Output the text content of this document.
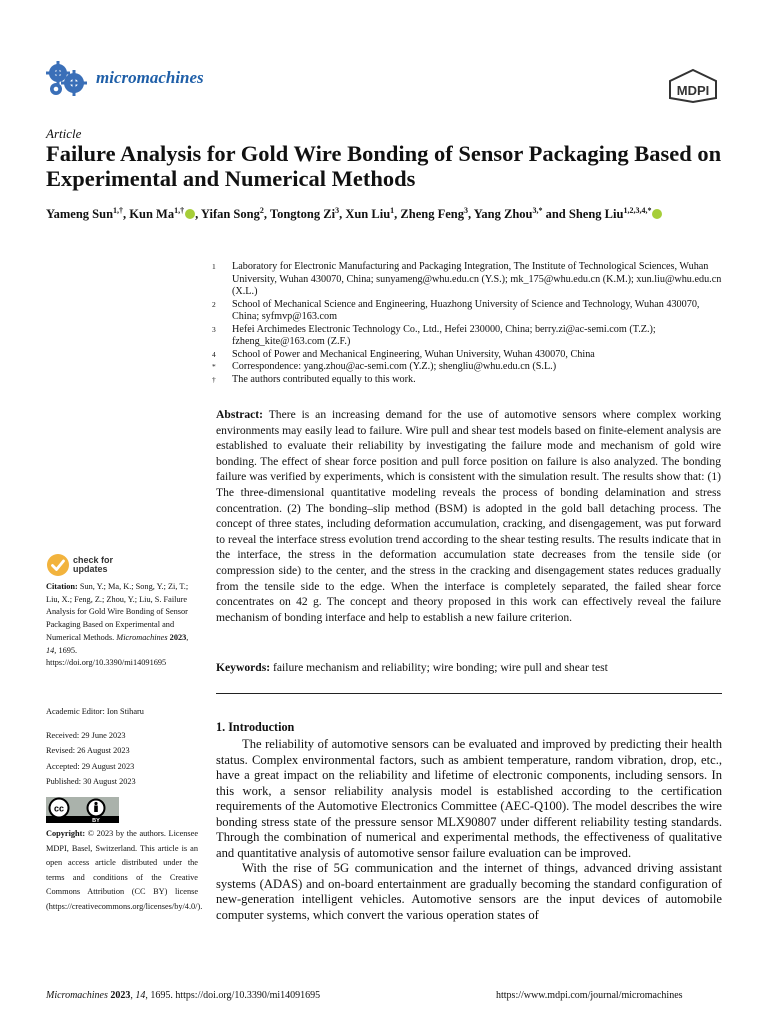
micromachines
MDPI
Article
Failure Analysis for Gold Wire Bonding of Sensor Packaging Based on Experimental and Numerical Methods
Yameng Sun$^{1,\dagger}$, Kun $Ma^{1,\dagger}$ , Yifan Song$^2$, Tongtong Zi$^3$, Xun Liu$^1$, Zheng Feng$^3$, Yang Zhou$^{3,*}$ and Sheng Liu$^{1,2,3,4,*}$
1	Laboratory for Electronic Manufacturing and Packaging Integration, The Institute of Technological Sciences, Wuhan University, Wuhan 430070, China; sunyameng@whu.edu.cn (Y.S.); mk_175@whu.edu.cn (K.M.); xun.liu@whu.edu.cn (X.L.)
2	School of Mechanical Science and Engineering, Huazhong University of Science and Technology, Wuhan 430070, China; syfmvp@163.com
3	Hefei Archimedes Electronic Technology Co., Ltd., Hefei 230000, China; berry.zi@ac-semi.com (T.Z.); fzheng_kite@163.com (Z.F.)
4	School of Power and Mechanical Engineering, Wuhan University, Wuhan 430070, China
*	Correspondence: yang.zhou@ac-semi.com (Y.Z.); shengliu@whu.edu.cn (S.L.)
†	The authors contributed equally to this work.
Abstract: There is an increasing demand for the use of automotive sensors where complex working environments may easily lead to failure. Wire pull and shear test models based on finite-element analysis are established to evaluate their reliability by investigating the failure mode and mechanism of gold wire bonding. The effect of shear force position and pull force position on failure is also analyzed. The bonding failure was verified by experiments, which is consistent with the simulation result. The results show that: (1) The three-dimensional quantitative modeling reveals the process of bonding delamination and stress concentration. (2) The bonding–slip method (BSM) is adopted in the gold ball detaching process. The concept of three states, including deformation accumulation, cracking, and disengagement, was put forward to reveal the interface stress evolution trend according to the shear testing results. The results indicate that in the interface, the stress in the deformation accumulation state decreases from the tensile side (or compression side) to the center, and the stress in the cracking and disengagement states reduces gradually from the tensile side to the edge. When the interface is completely separated, the failed shear force concentrates on 42 g. The concept and theory proposed in this work can effectively reveal the failure mechanism of bonding interface and help to establish a new failure criterion.
Keywords: failure mechanism and reliability; wire bonding; wire pull and shear test
check for
updates
Citation: Sun, Y.; Ma, K.; Song, Y.; Zi, T.; Liu, X.; Feng, Z.; Zhou, Y.; Liu, S. Failure Analysis for Gold Wire Bonding of Sensor Packaging Based on Experimental and Numerical Methods. Micromachines 2023, 14, 1695. https://doi.org/10.3390/mi14091695
Academic Editor: Ion Stiharu
Received: 29 June 2023
Revised: 26 August 2023
Accepted: 29 August 2023
Published: 30 August 2023
cc
BY
Copyright: © 2023 by the authors. Licensee MDPI, Basel, Switzerland. This article is an open access article distributed under the terms and conditions of the Creative Commons Attribution (CC BY) license (https://creativecommons.org/licenses/by/4.0/).
1. Introduction

The reliability of automotive sensors can be evaluated and improved by predicting their health status. Complex environmental factors, such as ambient temperature, random vibration, drop, etc., have a great impact on the reliability and lifetime of electronic components, including sensors. In this work, a sensor reliability analysis model is established according to the certification requirements of the Automotive Electronics Committee (AEC-Q100). The model describes the wire bonding stress state of the pressure sensor MLX90807 under different reliability testing standards. Through the combination of numerical and experimental methods, the effectiveness of qualitative and quantitative analysis of automotive sensor failure evaluation can be improved.

With the rise of 5G communication and the internet of things, advanced driving assistant systems (ADAS) and on-board entertainment are gradually becoming the standard configuration of new-generation intelligent vehicles. Automotive sensors are the input devices of automobile computer systems, which convert the various operation states of

Micromachines 2023, 14, 1695. https://doi.org/10.3390/mi14091695	https://www.mdpi.com/journal/micromachines
